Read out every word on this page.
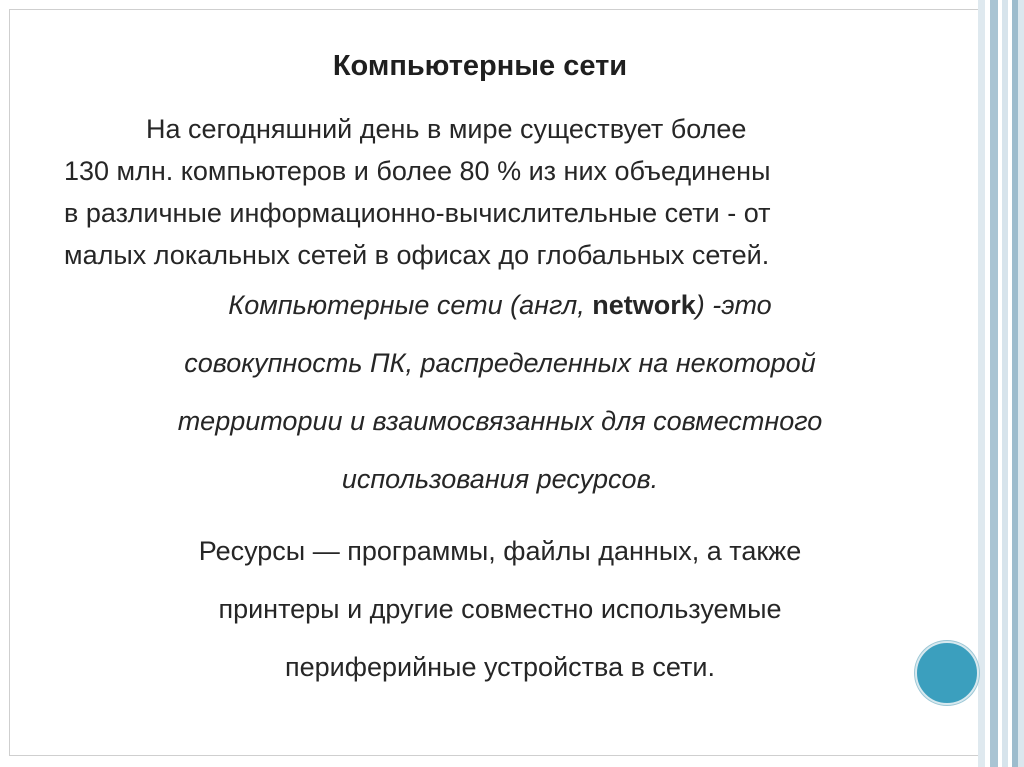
Компьютерные сети
На сегодняшний день в мире существует более
130 млн. компьютеров и более 80 % из них объединены
в различные информационно-вычислительные сети - от
малых локальных сетей в офисах до глобальных сетей.
Компьютерные сети (англ, network) -это
совокупность ПК, распределенных на некоторой
территории и взаимосвязанных для совместного
использования ресурсов.
Ресурсы — программы, файлы данных, а также
принтеры и другие совместно используемые
периферийные устройства в сети.
